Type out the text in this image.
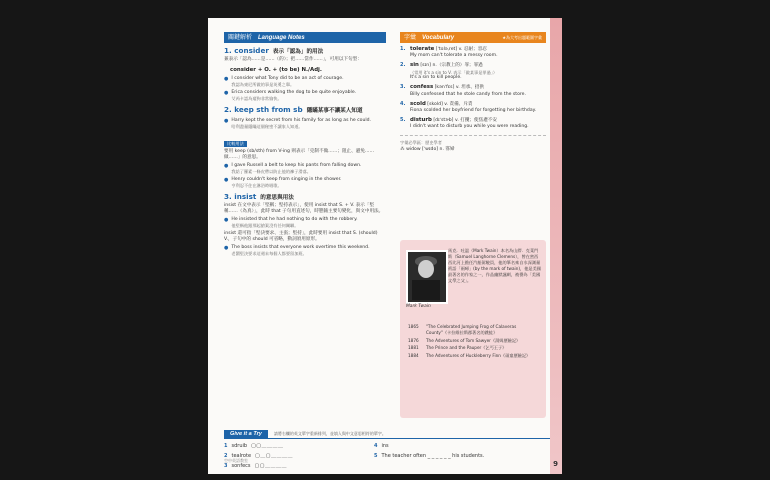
關鍵解析 Language Notes
1. consider 表示「認為」的用法
兼表示「認為……是……（的）；把……當作……」，可用以下句型：
consider + O. + (to be) N./Adj.
● I consider what Tony did to be an act of courage.
我認為東尼所做的事是英勇之舉。
● Erica considers walking the dog to be quite enjoyable.
艾芮卡認為遛狗非常愉快。
2. keep sth from sb 隱瞞某事不讓某人知道
● Harry kept the secret from his family for as long as he could.
哈利盡量隱瞞這個秘密不讓家人知道。
比較用法
要用 keep (sb/sth) from V-ing 則表示「克制不做……；阻止、避免……做……」的意思。
● I gave Russell a belt to keep his pants from falling down.
我給了羅素一條皮帶以防止他的褲子滑落。
● Henry couldn't keep from singing in the shower.
亨利忍不住在淋浴時唱歌。
3. insist 的意思與用法
insist 在文中表示「堅稱；堅持表示」，使用 insist that S. + V. 表示「堅稱……（為真）」，此時 that 子句用直述句，時態隨主要句變化，與文中用法。
● He insisted that he had nothing to do with the robbery.
他堅稱他跟那起搶案沒有任何關聯。
insist 還可指「堅決要求、主張；堅持」，此時要用 insist that S. (should) V.，子句中的 should 可省略，動詞須用原形。
● The boss insists that everyone work overtime this weekend.
老闆堅決要求這週末每個人都要留加班。
字彙 Vocabulary	★為大考出題範圍字彙
1. tolerate [ˈtɑləˌret] v. 忍耐；容忍
My mom can't tolerate a messy room.
2. sin [sɪn] n.（宗教上的）罪；罪過
（常用 it's a sin to V. 表示「做某事是罪過」）
It's a sin to kill people.
3. confess [kənˈfɛs] v. 坦承、招供
Billy confessed that he stole candy from the store.
4. scold [skold] v. 責備、斥責
Fiona scolded her boyfriend for forgetting her birthday.
5. disturb [dɪˈstɝb] v. 打擾；使焦慮不安
I didn't want to disturb you while you were reading.
字彙必學區：歷史學者
⁂ widow [ˈwɪdo] n. 寡婦
Mark Twain
馬克．吐溫（Mark Twain）本名為山繆．克萊門斯（Samuel Langhorne Clemens），曾在密西西比河上擔任汽船駕駛員，他的筆名來自水深測量術語「兩噚」(by the mark of twain)，他是美國最著名的作家之一，作品幽默諷刺，被譽為「美國文學之父」。
1865	"The Celebrated Jumping Frog of Calaveras County"《卡拉維拉斯郡著名的跳蛙》
1876	The Adventures of Tom Sawyer《湯姆歷險記》
1881	The Prince and the Pauper《乞丐王子》
1884	The Adventures of Huckleberry Finn《頑童歷險記》
Give it a Try	請將右欄的英文單字重新排列，並填入與中文意思相符的單字。
1 sdruib ▢▢＿＿＿＿
2 tealrote ▢＿▢＿＿＿＿
3 sonfecs ▢▢＿＿＿＿
4 ins
5 The teacher often _ _ _ _ _ _ his students.
空中英語教室	9
